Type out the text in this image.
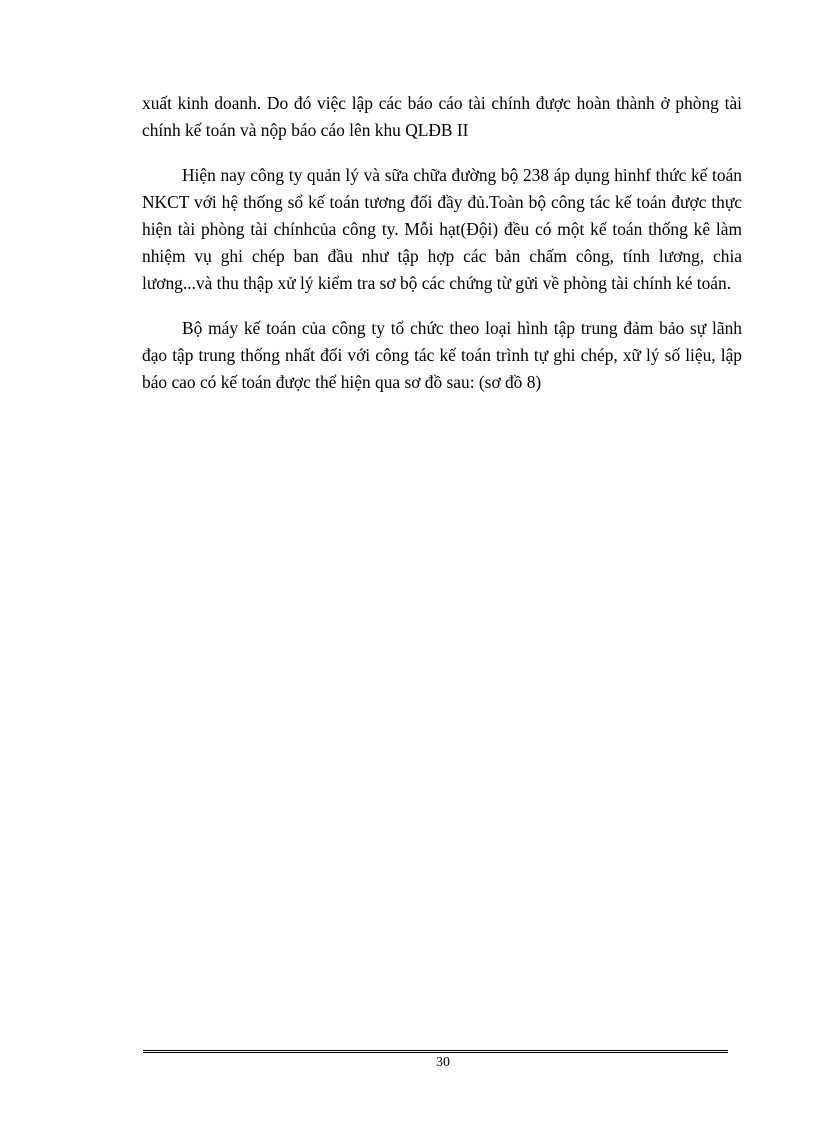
xuất kinh doanh. Do đó việc lập các báo cáo tài chính được hoàn thành ở phòng tài chính kế toán và nộp báo cáo lên khu QLĐB II

Hiện nay công ty quản lý và sữa chữa đường bộ 238 áp dụng hinhf thức kế toán NKCT với hệ thống sổ kế toán tương đối đầy đủ.Toàn bộ công tác kế toán được thực hiện tài phòng tài chínhcủa công ty. Mỗi hạt(Đội) đều có một kế toán thống kê làm nhiệm vụ ghi chép ban đầu như tập hợp các bản chấm công, tính lương, chia lương...và thu thập xử lý kiểm tra sơ bộ các chứng từ gửi về phòng tài chính ké toán.

Bộ máy kế toán của công ty tổ chức theo loại hình tập trung đảm bảo sự lãnh đạo tập trung thống nhất đối với công tác kế toán trình tự ghi chép, xữ lý số liệu, lập báo cao có kế toán được thể hiện qua sơ đồ sau: (sơ đồ 8)

30
